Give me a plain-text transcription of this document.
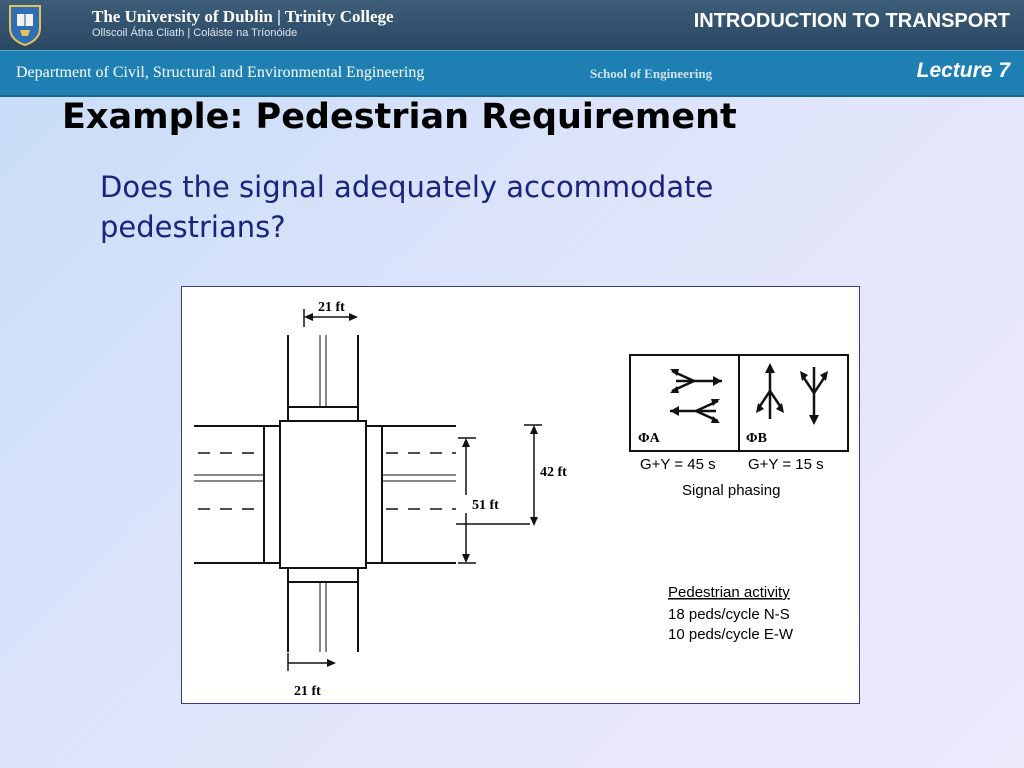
The University of Dublin | Trinity College
Ollscoil Átha Cliath | Coláiste na Tríonóide
INTRODUCTION TO TRANSPORT
Department of Civil, Structural and Environmental Engineering	School of Engineering	Lecture 7
Example: Pedestrian Requirement

Does the signal adequately accommodate pedestrians?

21 ft
21 ft
42 ft
51 ft
ΦA	ΦB
G+Y = 45 s G+Y = 15 s
Signal phasing
Pedestrian activity
18 peds/cycle N-S
10 peds/cycle E-W
